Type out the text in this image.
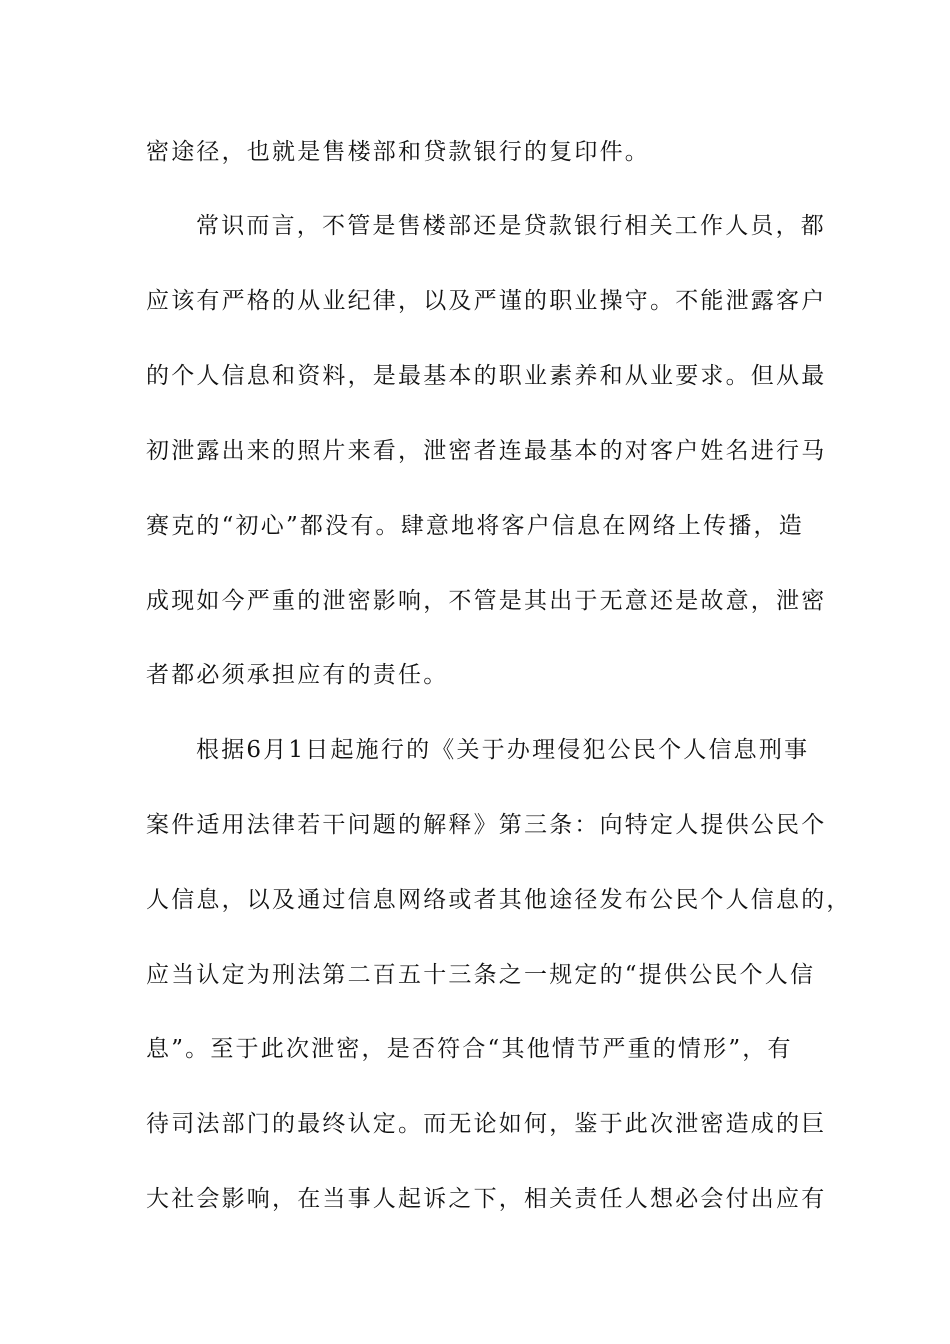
密途径，也就是售楼部和贷款银行的复印件。
常识而言，不管是售楼部还是贷款银行相关工作人员，都
应该有严格的从业纪律，以及严谨的职业操守。不能泄露客户
的个人信息和资料，是最基本的职业素养和从业要求。但从最
初泄露出来的照片来看，泄密者连最基本的对客户姓名进行马
赛克的“初心”都没有。肆意地将客户信息在网络上传播，造
成现如今严重的泄密影响，不管是其出于无意还是故意，泄密
者都必须承担应有的责任。
根据6月1日起施行的《关于办理侵犯公民个人信息刑事
案件适用法律若干问题的解释》第三条：向特定人提供公民个
人信息，以及通过信息网络或者其他途径发布公民个人信息的，
应当认定为刑法第二百五十三条之一规定的“提供公民个人信
息”。至于此次泄密，是否符合“其他情节严重的情形”，有
待司法部门的最终认定。而无论如何，鉴于此次泄密造成的巨
大社会影响，在当事人起诉之下，相关责任人想必会付出应有
